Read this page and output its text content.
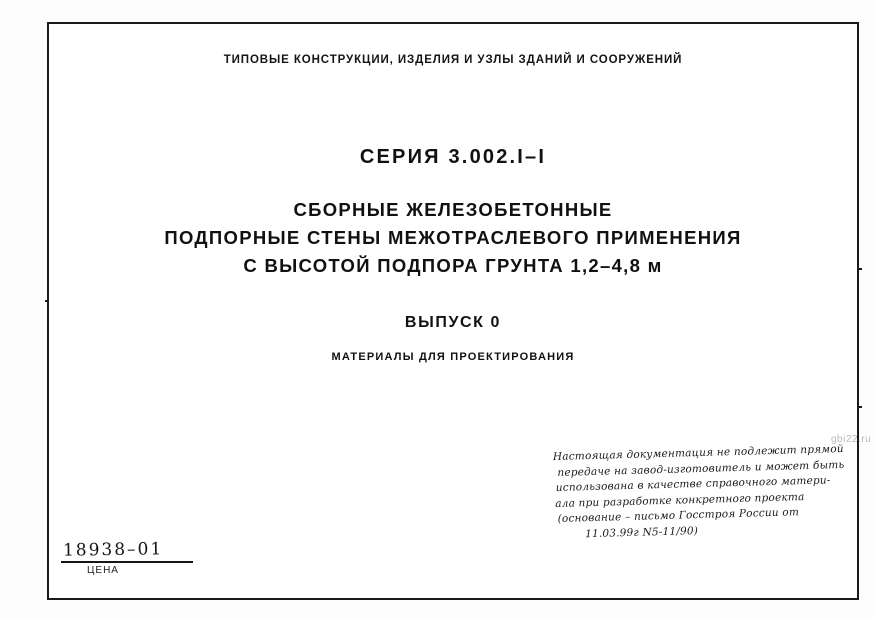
ТИПОВЫЕ КОНСТРУКЦИИ, ИЗДЕЛИЯ И УЗЛЫ ЗДАНИЙ И СООРУЖЕНИЙ
СЕРИЯ 3.002.I–I
СБОРНЫЕ ЖЕЛЕЗОБЕТОННЫЕ
ПОДПОРНЫЕ СТЕНЫ МЕЖОТРАСЛЕВОГО ПРИМЕНЕНИЯ
С ВЫСОТОЙ ПОДПОРА ГРУНТА 1,2–4,8 м
ВЫПУСК 0
МАТЕРИАЛЫ ДЛЯ ПРОЕКТИРОВАНИЯ
gbi22.ru
Настоящая документация не подлежит прямой
передаче на завод-изготовитель и может быть
использована в качестве справочного матери-
ала при разработке конкретного проекта
(основание – письмо Госстроя России от
11.03.99г N5-11/90)
18938–01
ЦЕНА
